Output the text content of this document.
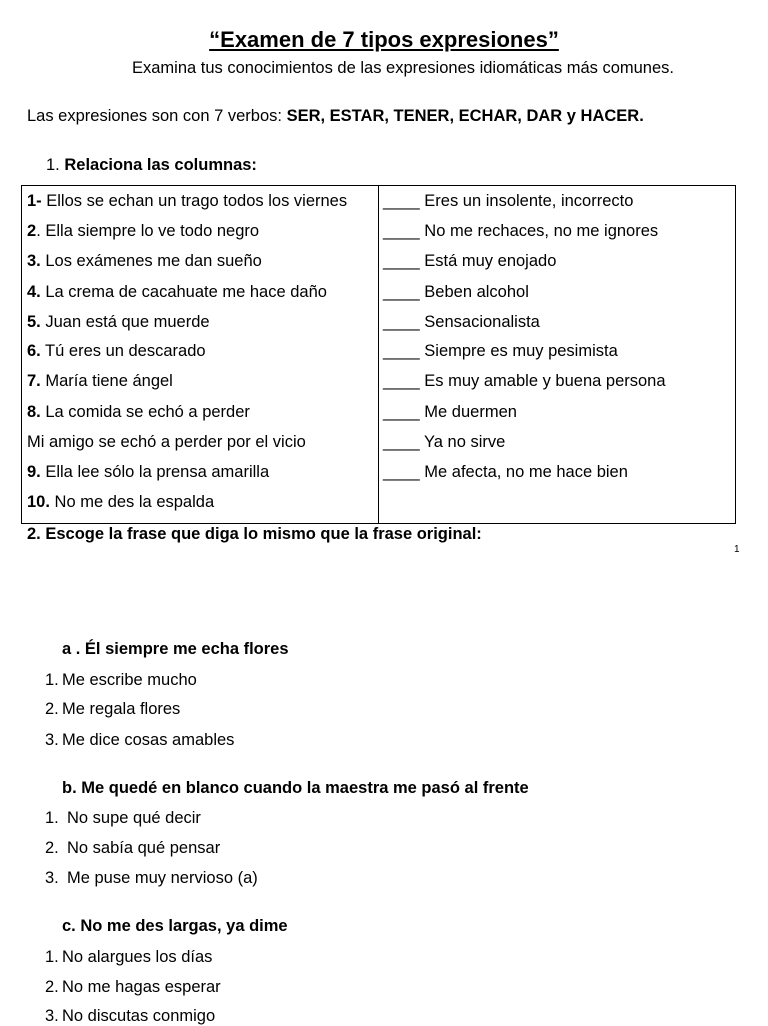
“Examen de 7 tipos expresiones”
Examina tus conocimientos de las expresiones idiomáticas más comunes.
Las expresiones son con 7 verbos: SER, ESTAR, TENER, ECHAR, DAR y HACER.
1. Relaciona las columnas:
1- Ellos se echan un trago todos los viernes
2. Ella siempre lo ve todo negro
3. Los exámenes me dan sueño
4. La crema de cacahuate me hace daño
5. Juan está que muerde
6. Tú eres un descarado
7. María tiene ángel
8. La comida se echó a perder
Mi amigo se echó a perder por el vicio
9. Ella lee sólo la prensa amarilla
10. No me des la espalda
____ Eres un insolente, incorrecto
____ No me rechaces, no me ignores
____ Está muy enojado
____ Beben alcohol
____ Sensacionalista
____ Siempre es muy pesimista
____ Es muy amable y buena persona
____ Me duermen
____ Ya no sirve
____ Me afecta, no me hace bien
2. Escoge la frase que diga lo mismo que la frase original:
1
a . Él siempre me echa flores
1. Me escribe mucho
2. Me regala flores
3. Me dice cosas amables
b. Me quedé en blanco cuando la maestra me pasó al frente
1. No supe qué decir
2. No sabía qué pensar
3. Me puse muy nervioso (a)
c. No me des largas, ya dime
1. No alargues los días
2. No me hagas esperar
3. No discutas conmigo
